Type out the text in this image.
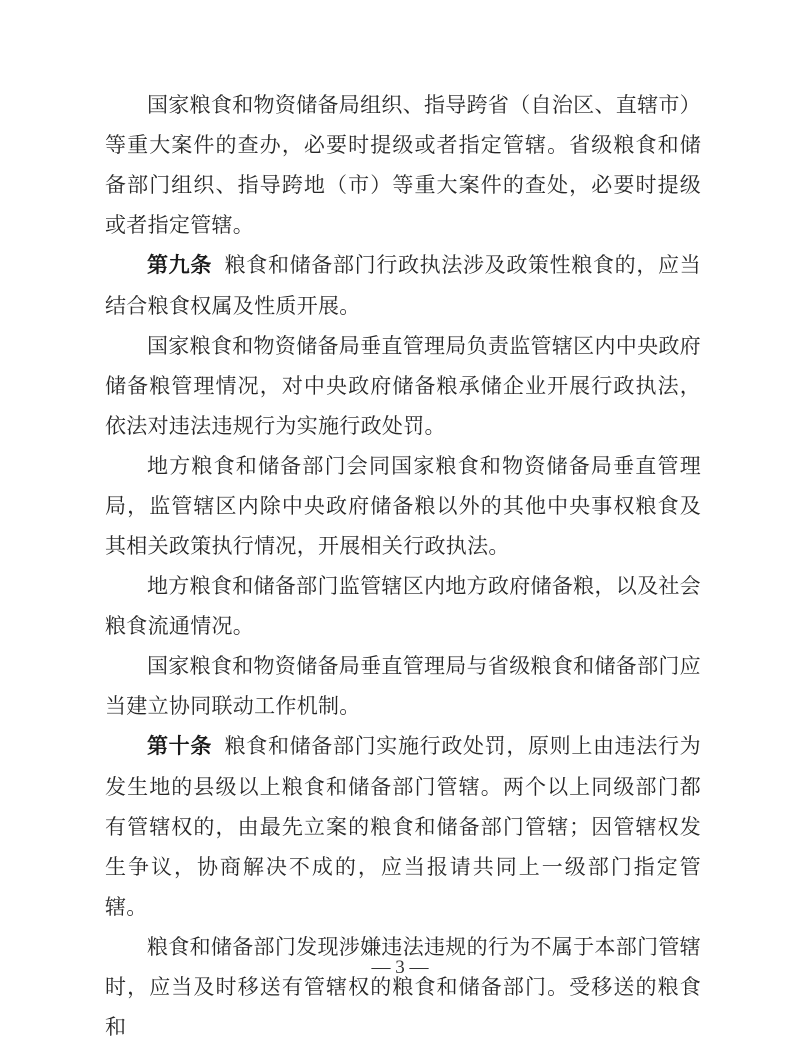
国家粮食和物资储备局组织、指导跨省（自治区、直辖市）等重大案件的查办，必要时提级或者指定管辖。省级粮食和储备部门组织、指导跨地（市）等重大案件的查处，必要时提级或者指定管辖。

第九条 粮食和储备部门行政执法涉及政策性粮食的，应当结合粮食权属及性质开展。

国家粮食和物资储备局垂直管理局负责监管辖区内中央政府储备粮管理情况，对中央政府储备粮承储企业开展行政执法，依法对违法违规行为实施行政处罚。

地方粮食和储备部门会同国家粮食和物资储备局垂直管理局，监管辖区内除中央政府储备粮以外的其他中央事权粮食及其相关政策执行情况，开展相关行政执法。

地方粮食和储备部门监管辖区内地方政府储备粮，以及社会粮食流通情况。

国家粮食和物资储备局垂直管理局与省级粮食和储备部门应当建立协同联动工作机制。

第十条 粮食和储备部门实施行政处罚，原则上由违法行为发生地的县级以上粮食和储备部门管辖。两个以上同级部门都有管辖权的，由最先立案的粮食和储备部门管辖；因管辖权发生争议，协商解决不成的，应当报请共同上一级部门指定管辖。

粮食和储备部门发现涉嫌违法违规的行为不属于本部门管辖时，应当及时移送有管辖权的粮食和储备部门。受移送的粮食和

— 3 —
